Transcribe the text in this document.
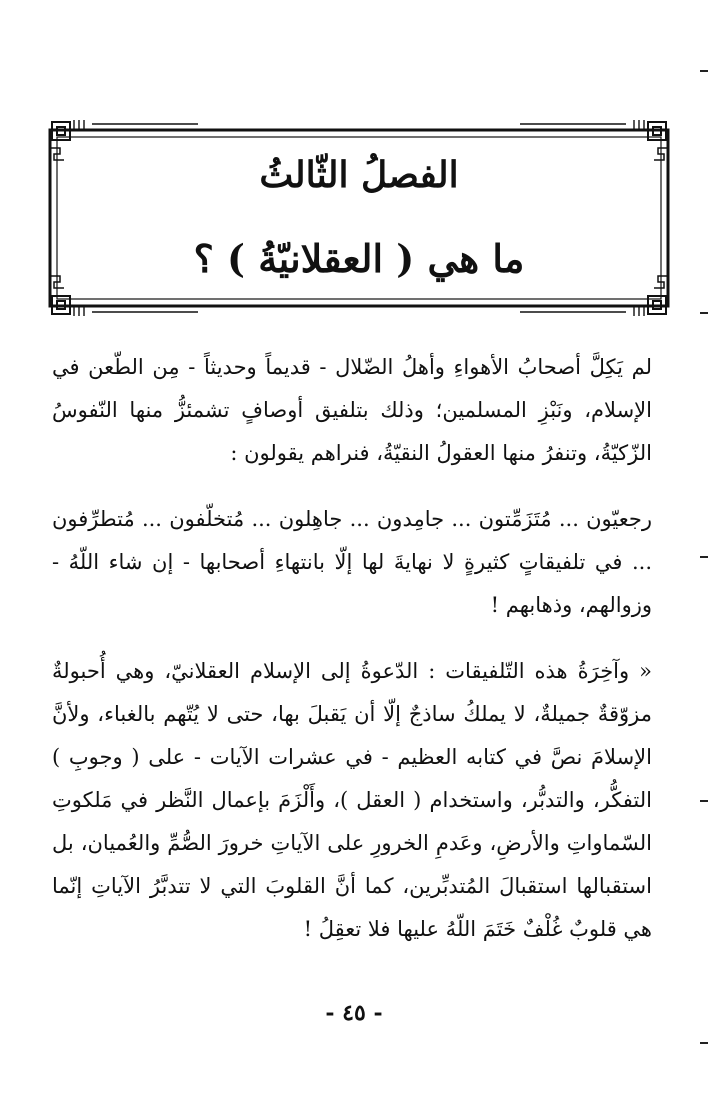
الفصلُ الثّالثُ
ما هي ( العقلانيّةُ ) ؟

لم يَكِلَّ أصحابُ الأهواءِ وأهلُ الضّلال - قديماً وحديثاً - مِن الطّعن في الإسلام، ونَبْزِ المسلمين؛ وذلك بتلفيق أوصافٍ تشمئزُّ منها النّفوسُ الزّكيّةُ، وتنفرُ منها العقولُ النقيّةُ، فنراهم يقولون :

رجعيّون ... مُتَزَمِّتون ... جامِدون ... جاهِلون ... مُتخلّفون ... مُتطرِّفون ... في تلفيقاتٍ كثيرةٍ لا نهايةَ لها إلّا بانتهاءِ أصحابها - إن شاء اللّهُ - وزوالهم، وذهابهم !

« وآخِرَةُ هذه التّلفيقات : الدّعوةُ إلى الإسلام العقلانيّ، وهي أُحبولةٌ مزوّقةٌ جميلةٌ، لا يملكُ ساذجٌ إلّا أن يَقبلَ بها، حتى لا يُتّهم بالغباء، ولأنَّ الإسلامَ نصَّ في كتابه العظيم - في عشرات الآيات - على ( وجوبِ ) التفكُّر، والتدبُّر، واستخدام ( العقل )، وأَلْزَمَ بإعمال النَّظر في مَلكوتِ السّماواتِ والأرضِ، وعَدمِ الخرورِ على الآياتِ خرورَ الصُّمِّ والعُميان، بل استقبالها استقبالَ المُتدبِّرين، كما أنَّ القلوبَ التي لا تتدبَّرُ الآياتِ إنّما هي قلوبٌ غُلْفٌ خَتَمَ اللّهُ عليها فلا تعقِلُ !

- ٤٥ -
